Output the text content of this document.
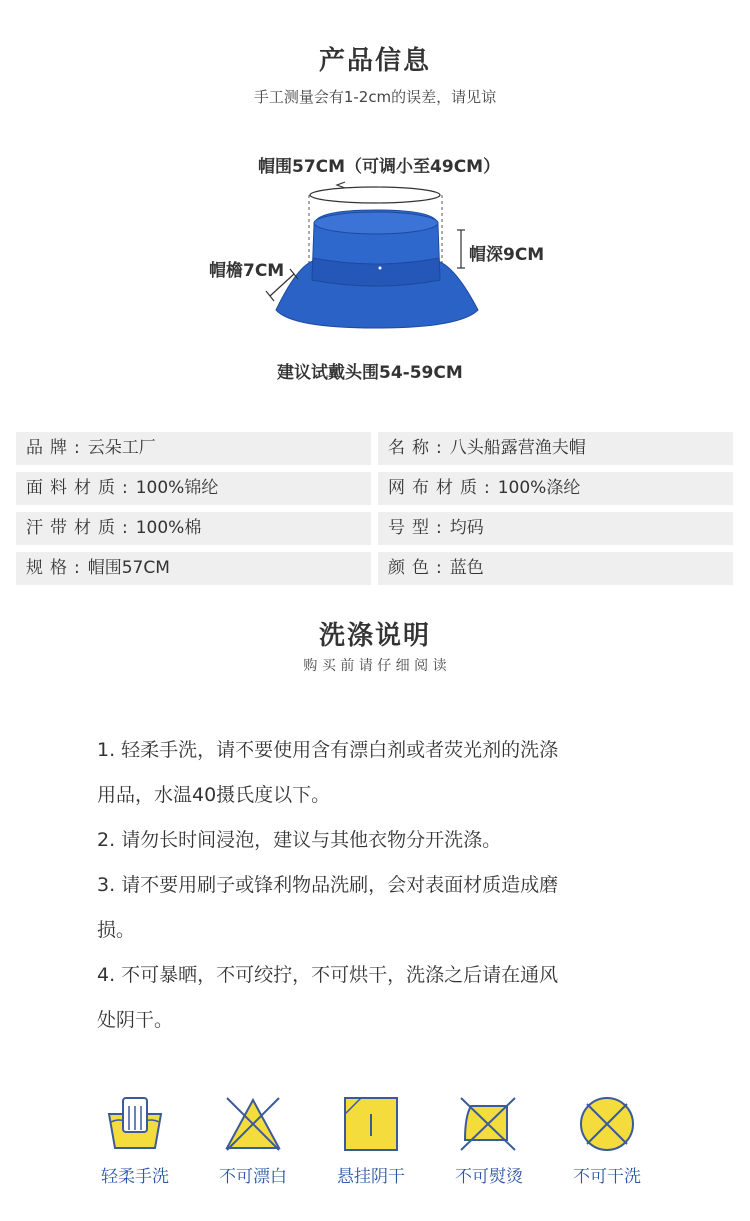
产品信息
手工测量会有1-2cm的误差，请见谅
帽围57CM（可调小至49CM）
帽檐7CM
帽深9CM
建议试戴头围54-59CM
品牌: 云朵工厂	名称: 八头船露营渔夫帽
面料材质: 100%锦纶	网布材质: 100%涤纶
汗带材质: 100%棉	号型: 均码
规格: 帽围57CM	颜色: 蓝色
洗涤说明
购 买 前 请 仔 细 阅 读

1. 轻柔手洗，请不要使用含有漂白剂或者荧光剂的洗涤

用品，水温40摄氏度以下。

2. 请勿长时间浸泡，建议与其他衣物分开洗涤。

3. 请不要用刷子或锋利物品洗刷，会对表面材质造成磨

损。

4. 不可暴晒，不可绞拧，不可烘干，洗涤之后请在通风

处阴干。

轻柔手洗	不可漂白	悬挂阴干	不可熨烫	不可干洗
